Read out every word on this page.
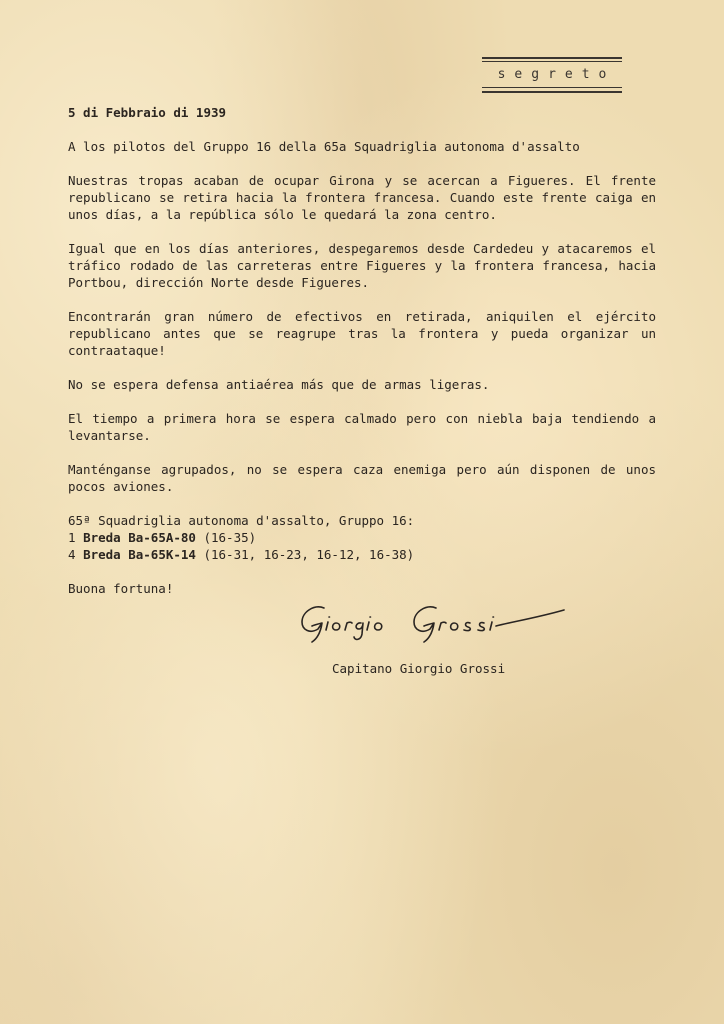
segreto

5 di Febbraio di 1939

A los pilotos del Gruppo 16 della 65a Squadriglia autonoma d'assalto

Nuestras tropas acaban de ocupar Girona y se acercan a Figueres. El frente republicano se retira hacia la frontera francesa. Cuando este frente caiga en unos días, a la república sólo le quedará la zona centro.

Igual que en los días anteriores, despegaremos desde Cardedeu y atacaremos el tráfico rodado de las carreteras entre Figueres y la frontera francesa, hacia Portbou, dirección Norte desde Figueres.

Encontrarán gran número de efectivos en retirada, aniquilen el ejército republicano antes que se reagrupe tras la frontera y pueda organizar un contraataque!

No se espera defensa antiaérea más que de armas ligeras.

El tiempo a primera hora se espera calmado pero con niebla baja tendiendo a levantarse.

Manténganse agrupados, no se espera caza enemiga pero aún disponen de unos pocos aviones.

65ª Squadriglia autonoma d'assalto, Gruppo 16:
1 Breda Ba-65A-80 (16-35)
4 Breda Ba-65K-14 (16-31, 16-23, 16-12, 16-38)

Buona fortuna!

Capitano Giorgio Grossi
